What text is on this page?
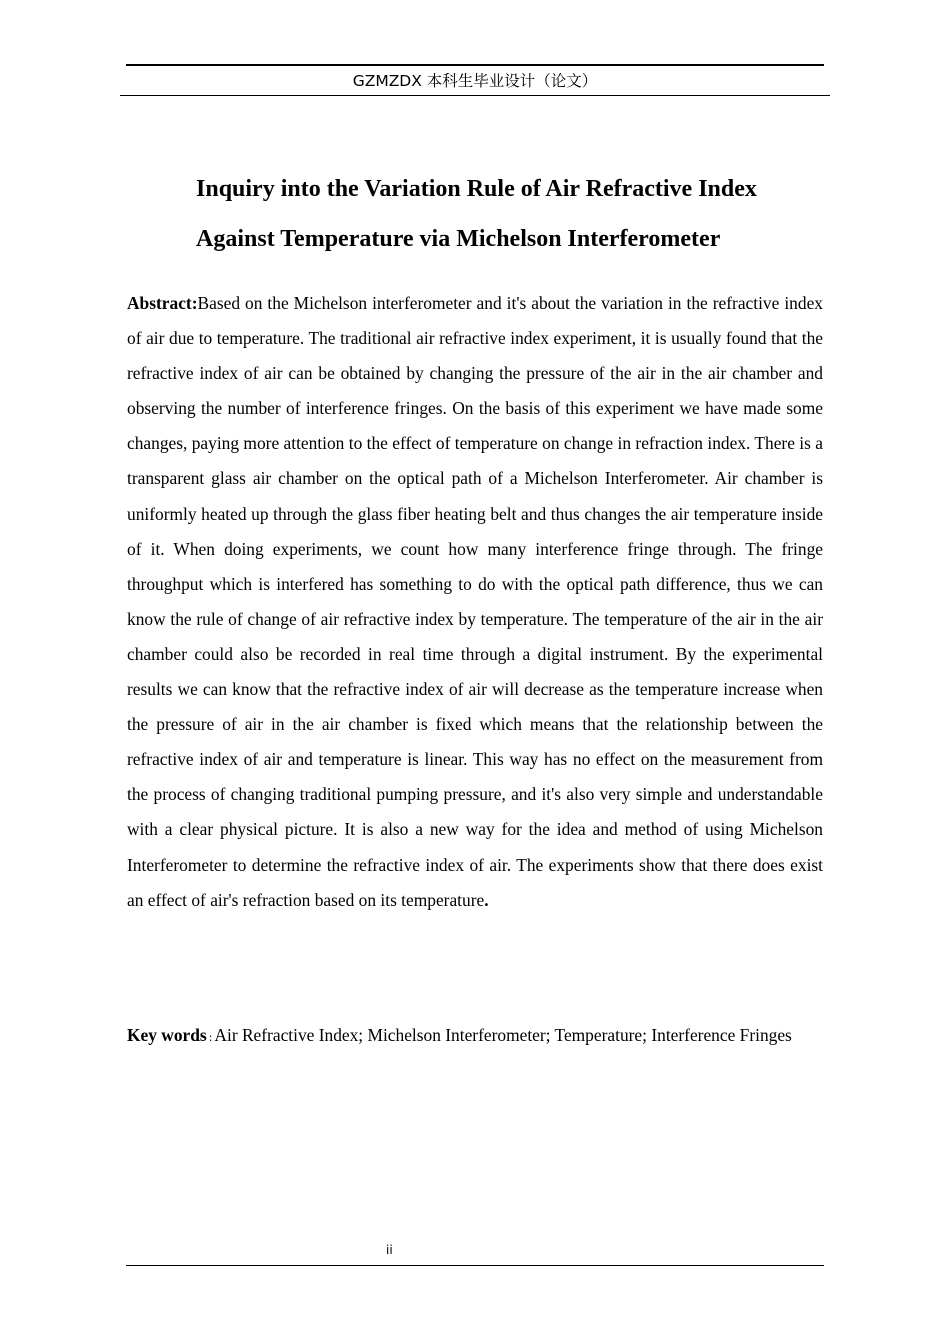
GZMZDX 本科生毕业设计（论文）
Inquiry into the Variation Rule of Air Refractive Index
Against Temperature via Michelson Interferometer

Abstract:Based on the Michelson interferometer and it's about the variation in the refractive index of air due to temperature. The traditional air refractive index experiment, it is usually found that the refractive index of air can be obtained by changing the pressure of the air in the air chamber and observing the number of interference fringes. On the basis of this experiment we have made some changes, paying more attention to the effect of temperature on change in refraction index. There is a transparent glass air chamber on the optical path of a Michelson Interferometer. Air chamber is uniformly heated up through the glass fiber heating belt and thus changes the air temperature inside of it. When doing experiments, we count how many interference fringe through. The fringe throughput which is interfered has something to do with the optical path difference, thus we can know the rule of change of air refractive index by temperature. The temperature of the air in the air chamber could also be recorded in real time through a digital instrument. By the experimental results we can know that the refractive index of air will decrease as the temperature increase when the pressure of air in the air chamber is fixed which means that the relationship between the refractive index of air and temperature is linear. This way has no effect on the measurement from the process of changing traditional pumping pressure, and it's also very simple and understandable with a clear physical picture. It is also a new way for the idea and method of using Michelson Interferometer to determine the refractive index of air. The experiments show that there does exist an effect of air's refraction based on its temperature.

Key words : Air Refractive Index; Michelson Interferometer; Temperature; Interference Fringes

ii
